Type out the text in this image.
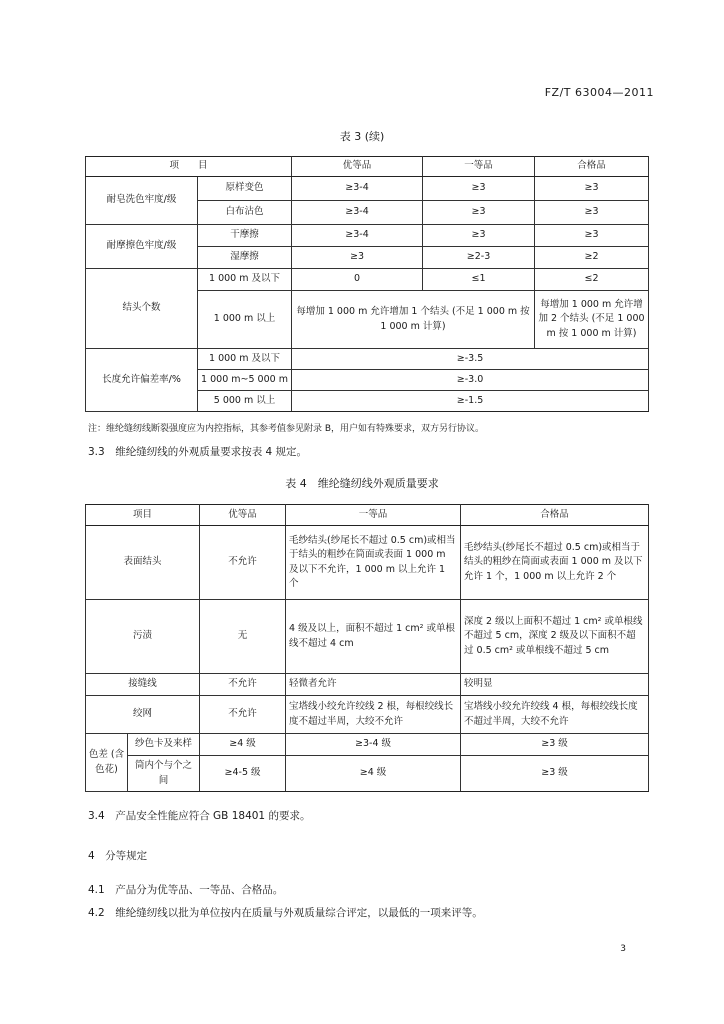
FZ/T 63004—2011
表 3 (续)
项　　目		优等品	一等品	合格品
耐皂洗色牢度/级	原样变色	≥3-4	≥3	≥3
	白布沾色	≥3-4	≥3	≥3
耐摩擦色牢度/级	干摩擦	≥3-4	≥3	≥3
	湿摩擦	≥3	≥2-3	≥2
结头个数	1 000 m 及以下	0	≤1	≤2
	1 000 m 以上	每增加 1 000 m 允许增加 1 个结头 (不足 1 000 m 按 1 000 m 计算)		每增加 1 000 m 允许增加 2 个结头 (不足 1 000 m 按 1 000 m 计算)
长度允许偏差率/%	1 000 m 及以下	≥-3.5		
	1 000 m~5 000 m	≥-3.0		
	5 000 m 以上	≥-1.5		
注：维纶缝纫线断裂强度应为内控指标，其参考值参见附录 B，用户如有特殊要求，双方另行协议。
3.3　维纶缝纫线的外观质量要求按表 4 规定。
表 4　维纶缝纫线外观质量要求
项目		优等品	一等品	合格品
表面结头		不允许	毛纱结头(纱尾长不超过 0.5 cm)或相当于结头的粗纱在筒面或表面 1 000 m 及以下不允许，1 000 m 以上允许 1 个	毛纱结头(纱尾长不超过 0.5 cm)或相当于结头的粗纱在筒面或表面 1 000 m 及以下允许 1 个，1 000 m 以上允许 2 个
污渍		无	4 级及以上，面积不超过 1 cm² 或单根线不超过 4 cm	深度 2 级以上面积不超过 1 cm² 或单根线不超过 5 cm，深度 2 级及以下面积不超过 0.5 cm² 或单根线不超过 5 cm
接缝线		不允许	轻微者允许	较明显
绞网		不允许	宝塔线小绞允许绞线 2 根，每根绞线长度不超过半周，大绞不允许	宝塔线小绞允许绞线 4 根，每根绞线长度不超过半周，大绞不允许
色差 (含色花)	纱色卡及来样	≥4 级	≥3-4 级	≥3 级
	筒内个与个之间	≥4-5 级	≥4 级	≥3 级
3.4　产品安全性能应符合 GB 18401 的要求。
4　分等规定
4.1　产品分为优等品、一等品、合格品。
4.2　维纶缝纫线以批为单位按内在质量与外观质量综合评定，以最低的一项来评等。
3
